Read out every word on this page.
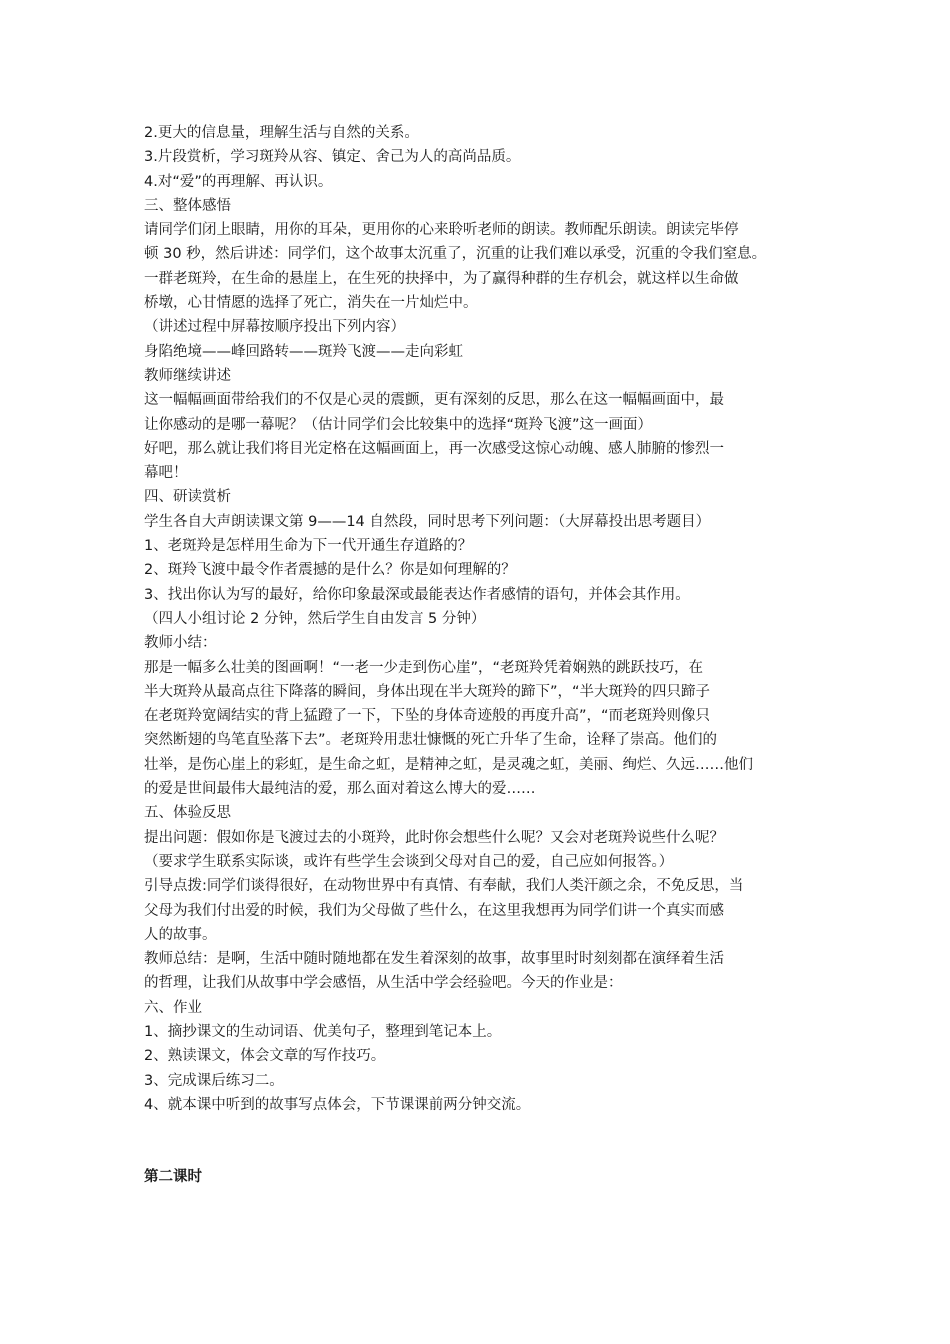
2.更大的信息量，理解生活与自然的关系。
3.片段赏析，学习斑羚从容、镇定、舍己为人的高尚品质。
4.对“爱”的再理解、再认识。
三、整体感悟
请同学们闭上眼睛，用你的耳朵，更用你的心来聆听老师的朗读。教师配乐朗读。朗读完毕停
顿 30 秒，然后讲述：同学们，这个故事太沉重了，沉重的让我们难以承受，沉重的令我们窒息。
一群老斑羚，在生命的悬崖上，在生死的抉择中，为了赢得种群的生存机会，就这样以生命做
桥墩，心甘情愿的选择了死亡，消失在一片灿烂中。
（讲述过程中屏幕按顺序投出下列内容）
身陷绝境——峰回路转——斑羚飞渡——走向彩虹
教师继续讲述
这一幅幅画面带给我们的不仅是心灵的震颤，更有深刻的反思，那么在这一幅幅画面中，最
让你感动的是哪一幕呢？（估计同学们会比较集中的选择“斑羚飞渡”这一画面）
好吧，那么就让我们将目光定格在这幅画面上，再一次感受这惊心动魄、感人肺腑的惨烈一
幕吧！
四、研读赏析
学生各自大声朗读课文第 9——14 自然段，同时思考下列问题：（大屏幕投出思考题目）
1、老斑羚是怎样用生命为下一代开通生存道路的？
2、斑羚飞渡中最令作者震撼的是什么？你是如何理解的？
3、找出你认为写的最好，给你印象最深或最能表达作者感情的语句，并体会其作用。
（四人小组讨论 2 分钟，然后学生自由发言 5 分钟）
教师小结：
那是一幅多么壮美的图画啊！“一老一少走到伤心崖”，“老斑羚凭着娴熟的跳跃技巧，在
半大斑羚从最高点往下降落的瞬间，身体出现在半大斑羚的蹄下”，“半大斑羚的四只蹄子
在老斑羚宽阔结实的背上猛蹬了一下，下坠的身体奇迹般的再度升高”，“而老斑羚则像只
突然断翅的鸟笔直坠落下去”。老斑羚用悲壮慷慨的死亡升华了生命，诠释了崇高。他们的
壮举，是伤心崖上的彩虹，是生命之虹，是精神之虹，是灵魂之虹，美丽、绚烂、久远……他们
的爱是世间最伟大最纯洁的爱，那么面对着这么博大的爱……
五、体验反思
提出问题：假如你是飞渡过去的小斑羚，此时你会想些什么呢？又会对老斑羚说些什么呢？
（要求学生联系实际谈，或许有些学生会谈到父母对自己的爱，自己应如何报答。）
引导点拨:同学们谈得很好，在动物世界中有真情、有奉献，我们人类汗颜之余，不免反思，当
父母为我们付出爱的时候，我们为父母做了些什么，在这里我想再为同学们讲一个真实而感
人的故事。
教师总结：是啊，生活中随时随地都在发生着深刻的故事，故事里时时刻刻都在演绎着生活
的哲理，让我们从故事中学会感悟，从生活中学会经验吧。今天的作业是：
六、作业
1、摘抄课文的生动词语、优美句子，整理到笔记本上。
2、熟读课文，体会文章的写作技巧。
3、完成课后练习二。
4、就本课中听到的故事写点体会，下节课课前两分钟交流。
第二课时
